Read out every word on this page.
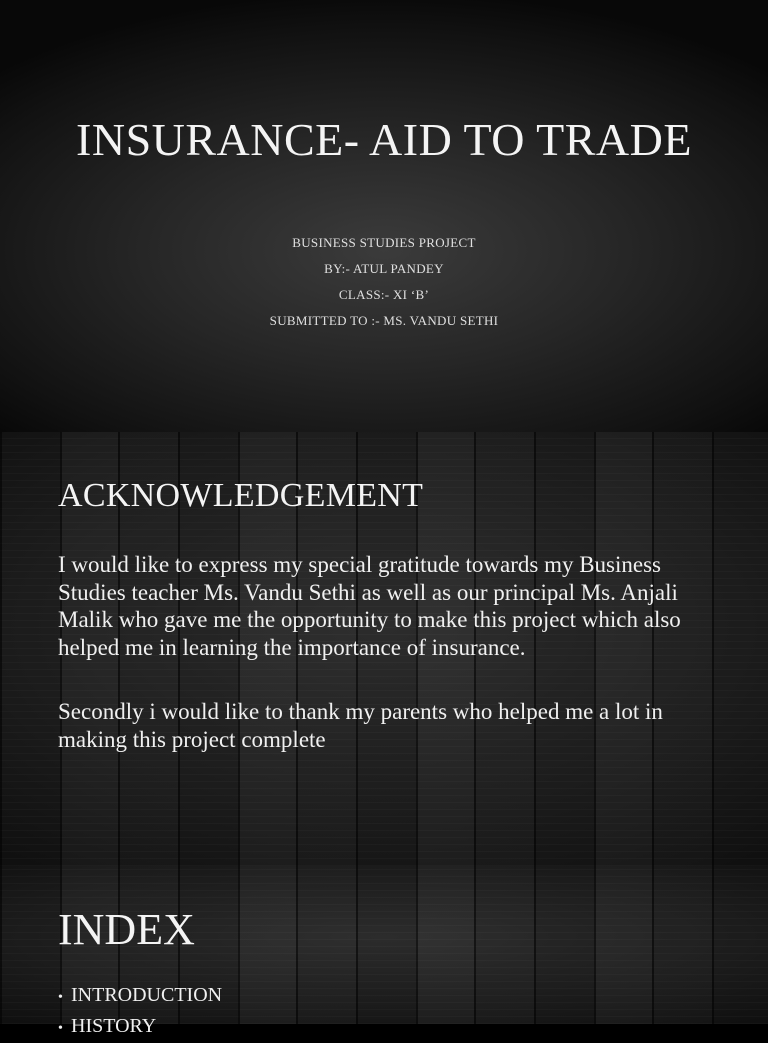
INSURANCE- AID TO TRADE
BUSINESS STUDIES PROJECT
BY:- ATUL PANDEY
CLASS:- XI ‘B’
SUBMITTED TO :- MS. VANDU SETHI
ACKNOWLEDGEMENT

I would like to express my special gratitude towards my Business Studies teacher Ms. Vandu Sethi as well as our principal Ms. Anjali Malik who gave me the opportunity to make this project which also helped me in learning the importance of insurance.

Secondly i would like to thank my parents who helped me a lot in making this project complete

INDEX
• INTRODUCTION
• HISTORY
